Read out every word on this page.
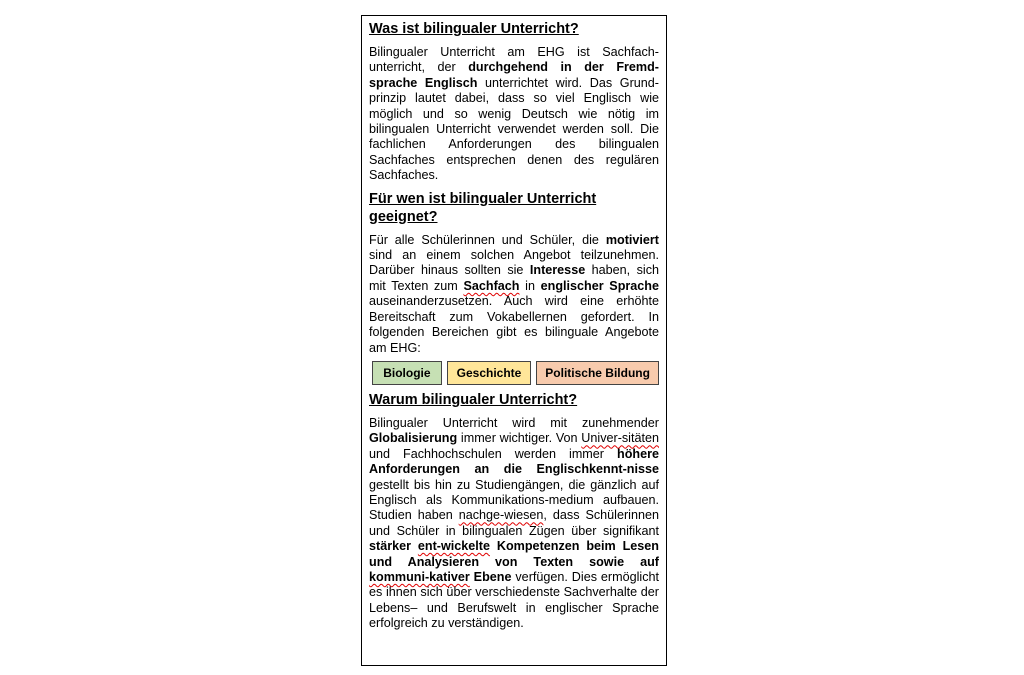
Was ist bilingualer Unterricht?

Bilingualer Unterricht am EHG ist Sachfach-unterricht, der durchgehend in der Fremd-sprache Englisch unterrichtet wird. Das Grund-prinzip lautet dabei, dass so viel Englisch wie möglich und so wenig Deutsch wie nötig im bilingualen Unterricht verwendet werden soll. Die fachlichen Anforderungen des bilingualen Sachfaches entsprechen denen des regulären Sachfaches.

Für wen ist bilingualer Unterricht geeignet?

Für alle Schülerinnen und Schüler, die motiviert sind an einem solchen Angebot teilzunehmen. Darüber hinaus sollten sie Interesse haben, sich mit Texten zum Sachfach in englischer Sprache auseinanderzusetzen. Auch wird eine erhöhte Bereitschaft zum Vokabellernen gefordert. In folgenden Bereichen gibt es bilinguale Angebote am EHG:

Biologie Geschichte Politische Bildung
Warum bilingualer Unterricht?

Bilingualer Unterricht wird mit zunehmender Globalisierung immer wichtiger. Von Univer-sitäten und Fachhochschulen werden immer höhere Anforderungen an die Englischkennt-nisse gestellt bis hin zu Studiengängen, die gänzlich auf Englisch als Kommunikations-medium aufbauen. Studien haben nachge-wiesen, dass Schülerinnen und Schüler in bilingualen Zügen über signifikant stärker ent-wickelte Kompetenzen beim Lesen und Analysieren von Texten sowie auf kommuni-kativer Ebene verfügen. Dies ermöglicht es ihnen sich über verschiedenste Sachverhalte der Lebens– und Berufswelt in englischer Sprache erfolgreich zu verständigen.
